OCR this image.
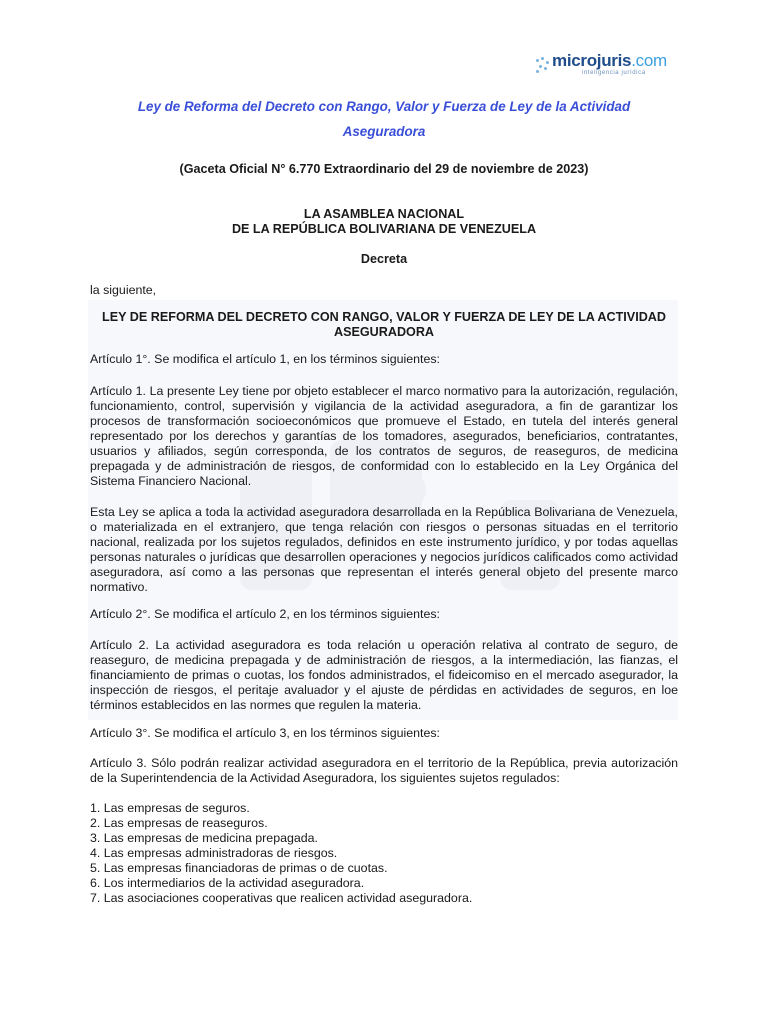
microjuris.com
inteligencia jurídica
Ley de Reforma del Decreto con Rango, Valor y Fuerza de Ley de la Actividad Aseguradora
(Gaceta Oficial N° 6.770 Extraordinario del 29 de noviembre de 2023)
LA ASAMBLEA NACIONAL
DE LA REPÚBLICA BOLIVARIANA DE VENEZUELA
Decreta
la siguiente,
LEY DE REFORMA DEL DECRETO CON RANGO, VALOR Y FUERZA DE LEY DE LA ACTIVIDAD ASEGURADORA
Artículo 1°. Se modifica el artículo 1, en los términos siguientes:
Artículo 1. La presente Ley tiene por objeto establecer el marco normativo para la autorización, regulación, funcionamiento, control, supervisión y vigilancia de la actividad aseguradora, a fin de garantizar los procesos de transformación socioeconómicos que promueve el Estado, en tutela del interés general representado por los derechos y garantías de los tomadores, asegurados, beneficiarios, contratantes, usuarios y afiliados, según corresponda, de los contratos de seguros, de reaseguros, de medicina prepagada y de administración de riesgos, de conformidad con lo establecido en la Ley Orgánica del Sistema Financiero Nacional.
Esta Ley se aplica a toda la actividad aseguradora desarrollada en la República Bolivariana de Venezuela, o materializada en el extranjero, que tenga relación con riesgos o personas situadas en el territorio nacional, realizada por los sujetos regulados, definidos en este instrumento jurídico, y por todas aquellas personas naturales o jurídicas que desarrollen operaciones y negocios jurídicos calificados como actividad aseguradora, así como a las personas que representan el interés general objeto del presente marco normativo.
Artículo 2°. Se modifica el artículo 2, en los términos siguientes:
Artículo 2. La actividad aseguradora es toda relación u operación relativa al contrato de seguro, de reaseguro, de medicina prepagada y de administración de riesgos, a la intermediación, las fianzas, el financiamiento de primas o cuotas, los fondos administrados, el fideicomiso en el mercado asegurador, la inspección de riesgos, el peritaje avaluador y el ajuste de pérdidas en actividades de seguros, en loe términos establecidos en las normes que regulen la materia.
Artículo 3°. Se modifica el artículo 3, en los términos siguientes:
Artículo 3. Sólo podrán realizar actividad aseguradora en el territorio de la República, previa autorización de la Superintendencia de la Actividad Aseguradora, los siguientes sujetos regulados:
1. Las empresas de seguros.
2. Las empresas de reaseguros.
3. Las empresas de medicina prepagada.
4. Las empresas administradoras de riesgos.
5. Las empresas financiadoras de primas o de cuotas.
6. Los intermediarios de la actividad aseguradora.
7. Las asociaciones cooperativas que realicen actividad aseguradora.
